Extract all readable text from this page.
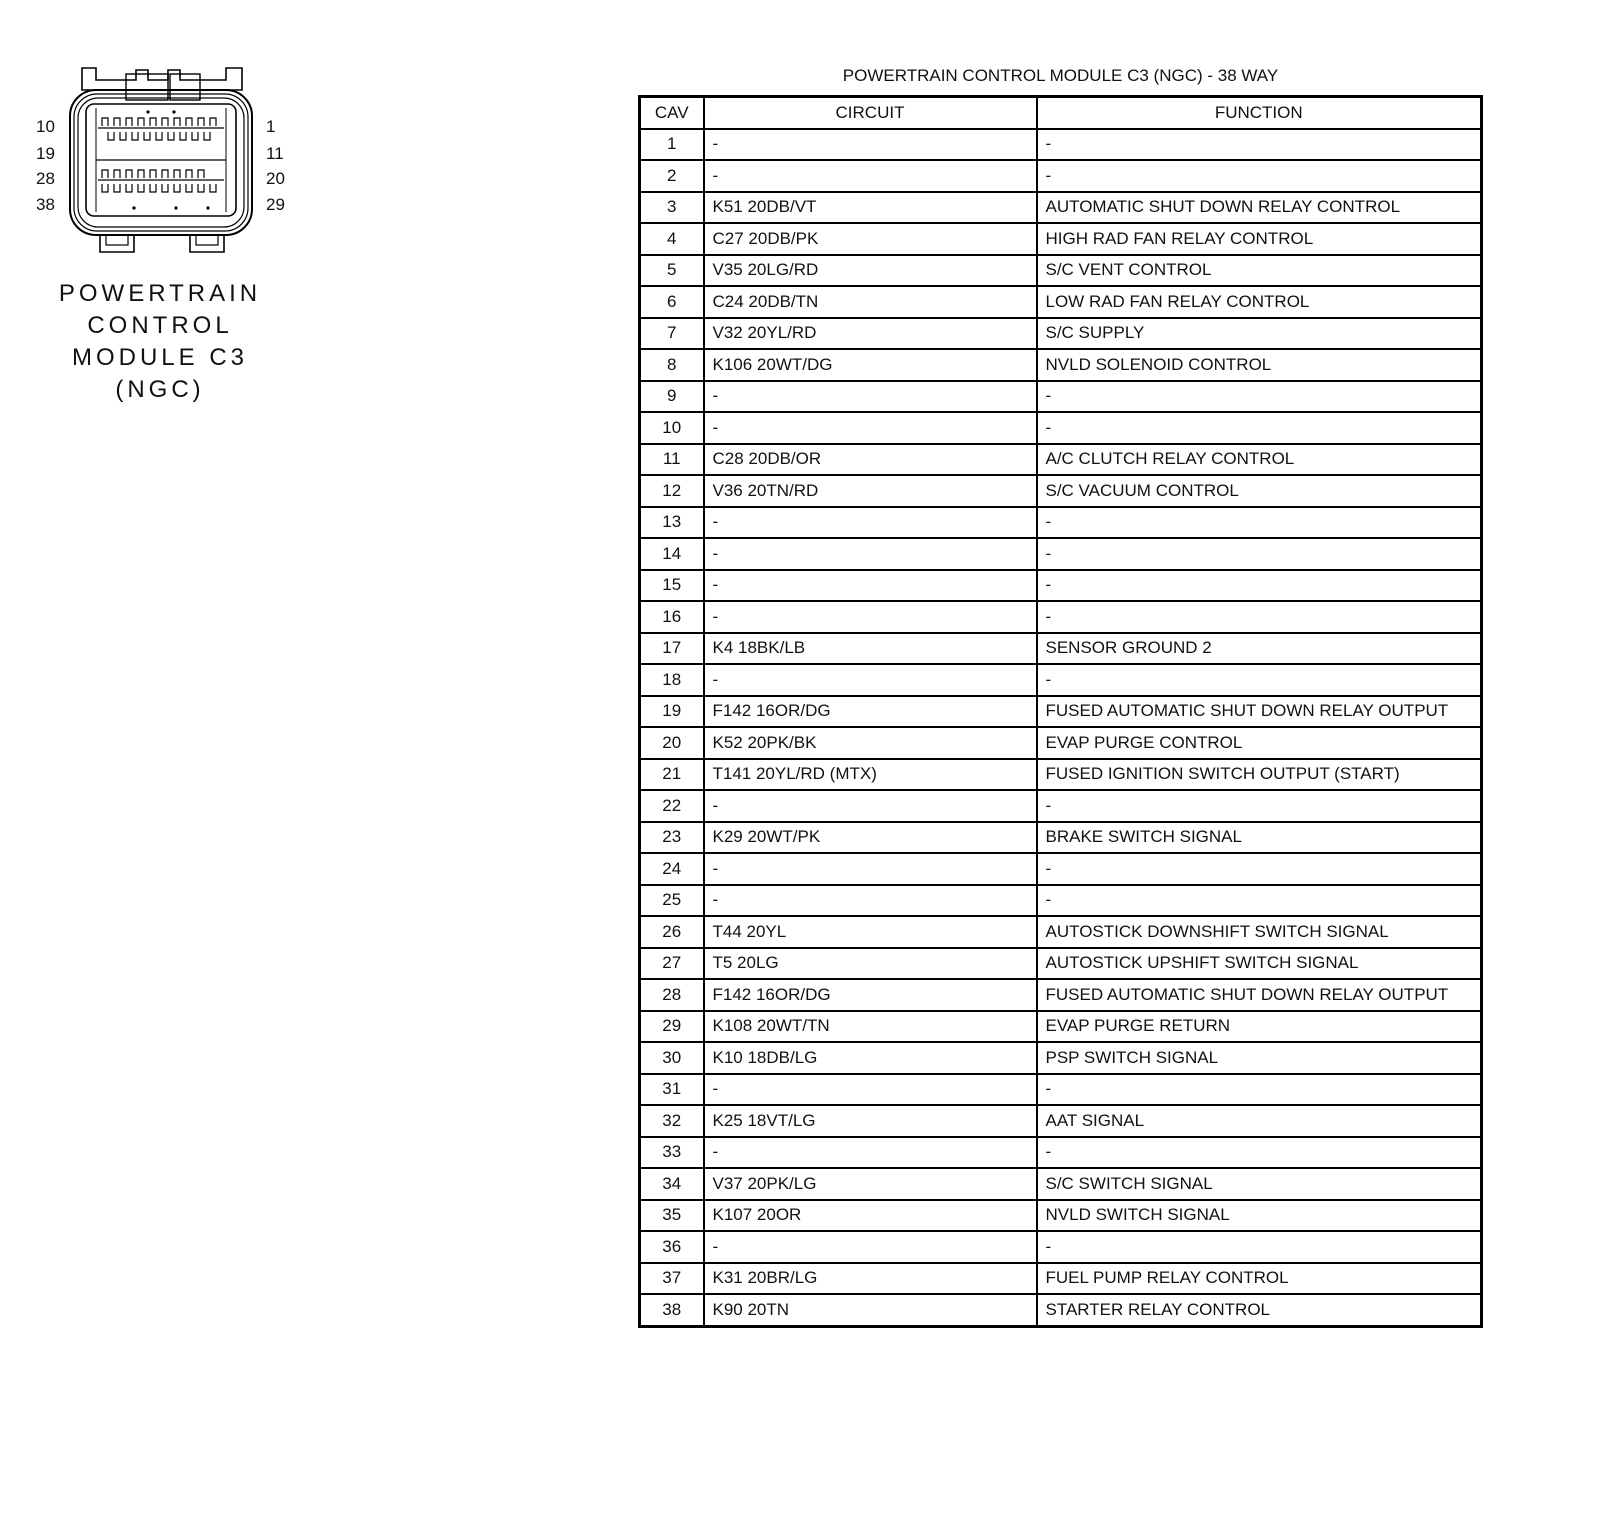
10
19
28
38
1
11
20
29
POWERTRAIN
CONTROL
MODULE C3
(NGC)
POWERTRAIN CONTROL MODULE C3 (NGC) - 38 WAY
CAV	CIRCUIT	FUNCTION
1	-	-
2	-	-
3	K51 20DB/VT	AUTOMATIC SHUT DOWN RELAY CONTROL
4	C27 20DB/PK	HIGH RAD FAN RELAY CONTROL
5	V35 20LG/RD	S/C VENT CONTROL
6	C24 20DB/TN	LOW RAD FAN RELAY CONTROL
7	V32 20YL/RD	S/C SUPPLY
8	K106 20WT/DG	NVLD SOLENOID CONTROL
9	-	-
10	-	-
11	C28 20DB/OR	A/C CLUTCH RELAY CONTROL
12	V36 20TN/RD	S/C VACUUM CONTROL
13	-	-
14	-	-
15	-	-
16	-	-
17	K4 18BK/LB	SENSOR GROUND 2
18	-	-
19	F142 16OR/DG	FUSED AUTOMATIC SHUT DOWN RELAY OUTPUT
20	K52 20PK/BK	EVAP PURGE CONTROL
21	T141 20YL/RD (MTX)	FUSED IGNITION SWITCH OUTPUT (START)
22	-	-
23	K29 20WT/PK	BRAKE SWITCH SIGNAL
24	-	-
25	-	-
26	T44 20YL	AUTOSTICK DOWNSHIFT SWITCH SIGNAL
27	T5 20LG	AUTOSTICK UPSHIFT SWITCH SIGNAL
28	F142 16OR/DG	FUSED AUTOMATIC SHUT DOWN RELAY OUTPUT
29	K108 20WT/TN	EVAP PURGE RETURN
30	K10 18DB/LG	PSP SWITCH SIGNAL
31	-	-
32	K25 18VT/LG	AAT SIGNAL
33	-	-
34	V37 20PK/LG	S/C SWITCH SIGNAL
35	K107 20OR	NVLD SWITCH SIGNAL
36	-	-
37	K31 20BR/LG	FUEL PUMP RELAY CONTROL
38	K90 20TN	STARTER RELAY CONTROL
